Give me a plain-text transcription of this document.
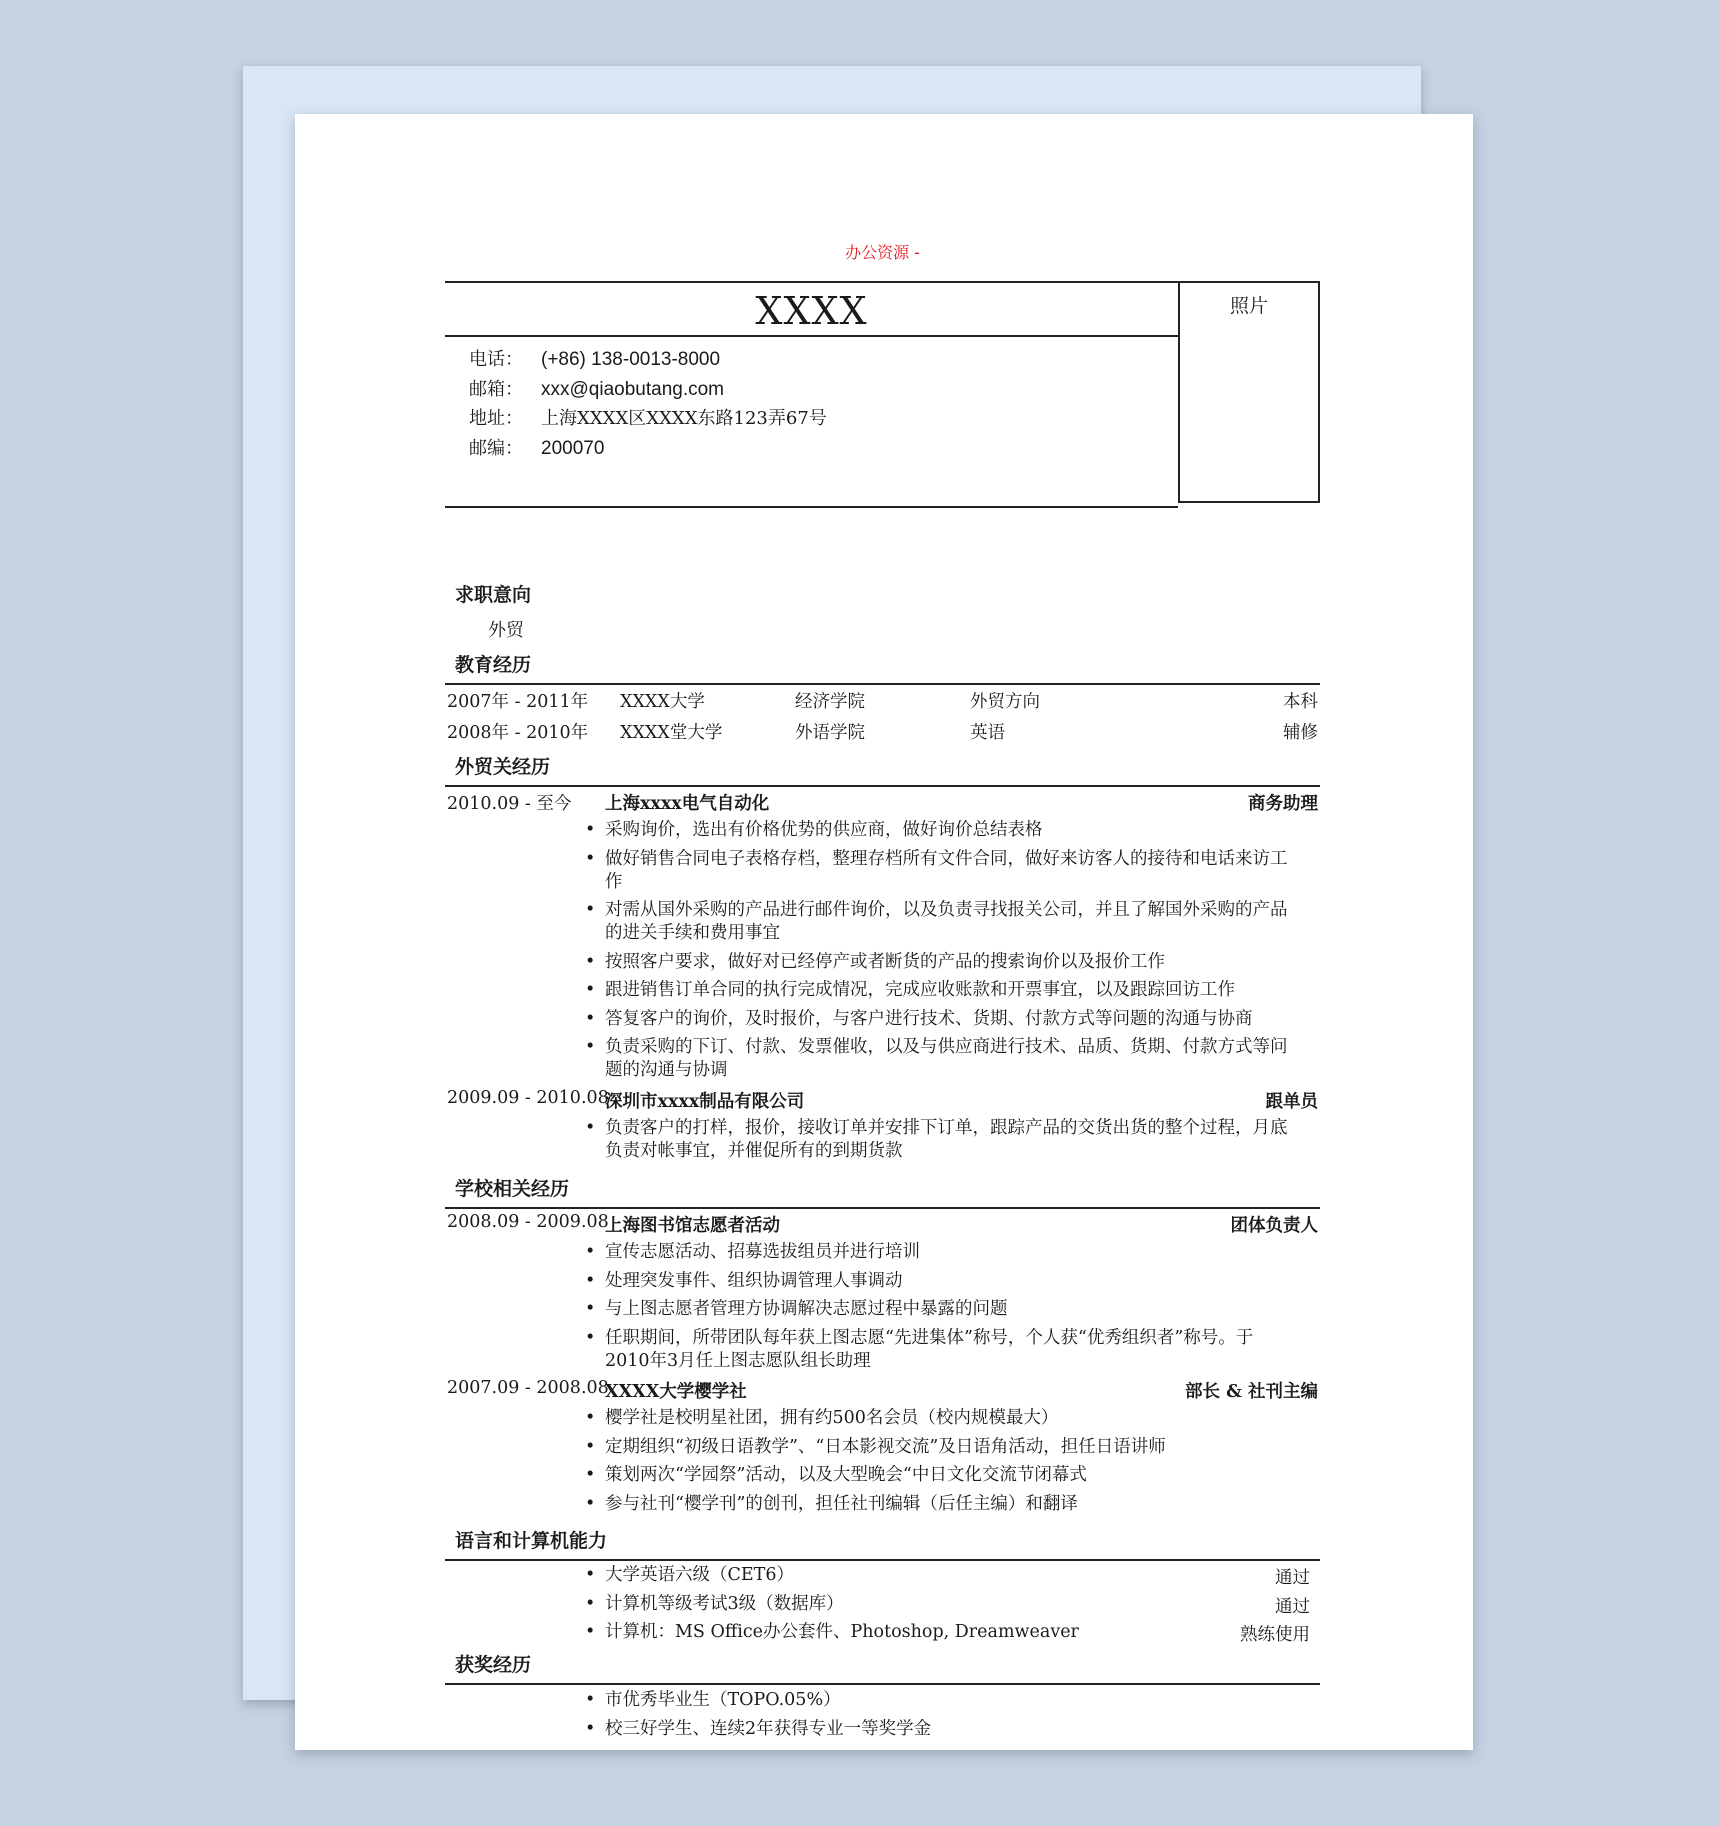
办公资源 -
XXXX
电话： (+86) 138-0013-8000
邮箱： xxx@qiaobutang.com
地址： 上海XXXX区XXXX东路123弄67号
邮编： 200070
照片
求职意向
外贸
教育经历
2007年 - 2011年 XXXX大学	经济学院	外贸方向	本科
2008年 - 2010年 XXXX堂大学	外语学院	英语	辅修
外贸关经历
2010.09 - 至今 上海xxxx电气自动化	商务助理
• 采购询价，选出有价格优势的供应商，做好询价总结表格
• 做好销售合同电子表格存档，整理存档所有文件合同，做好来访客人的接待和电话来访工
作
• 对需从国外采购的产品进行邮件询价，以及负责寻找报关公司，并且了解国外采购的产品
的进关手续和费用事宜
• 按照客户要求，做好对已经停产或者断货的产品的搜索询价以及报价工作
• 跟进销售订单合同的执行完成情况，完成应收账款和开票事宜，以及跟踪回访工作
• 答复客户的询价，及时报价，与客户进行技术、货期、付款方式等问题的沟通与协商
• 负责采购的下订、付款、发票催收，以及与供应商进行技术、品质、货期、付款方式等问
题的沟通与协调
2009.09 - 2010.08
深圳市xxxx制品有限公司	跟单员
• 负责客户的打样，报价，接收订单并安排下订单，跟踪产品的交货出货的整个过程，月底
负责对帐事宜，并催促所有的到期货款
学校相关经历
2008.09 - 2009.08
上海图书馆志愿者活动	团体负责人
• 宣传志愿活动、招募选拔组员并进行培训
• 处理突发事件、组织协调管理人事调动
• 与上图志愿者管理方协调解决志愿过程中暴露的问题
• 任职期间，所带团队每年获上图志愿“先进集体”称号，个人获“优秀组织者”称号。于
2010年3月任上图志愿队组长助理
2007.09 - 2008.08
XXXX大学樱学社	部长 & 社刊主编
• 樱学社是校明星社团，拥有约500名会员（校内规模最大）
• 定期组织“初级日语教学”、“日本影视交流”及日语角活动，担任日语讲师
• 策划两次“学园祭”活动，以及大型晚会“中日文化交流节闭幕式
• 参与社刊“樱学刊”的创刊，担任社刊编辑（后任主编）和翻译
语言和计算机能力
• 大学英语六级（CET6）	通过
• 计算机等级考试3级（数据库）	通过
• 计算机：MS Office办公套件、Photoshop, Dreamweaver	熟练使用
获奖经历
• 市优秀毕业生（TOPO.05%）
• 校三好学生、连续2年获得专业一等奖学金
